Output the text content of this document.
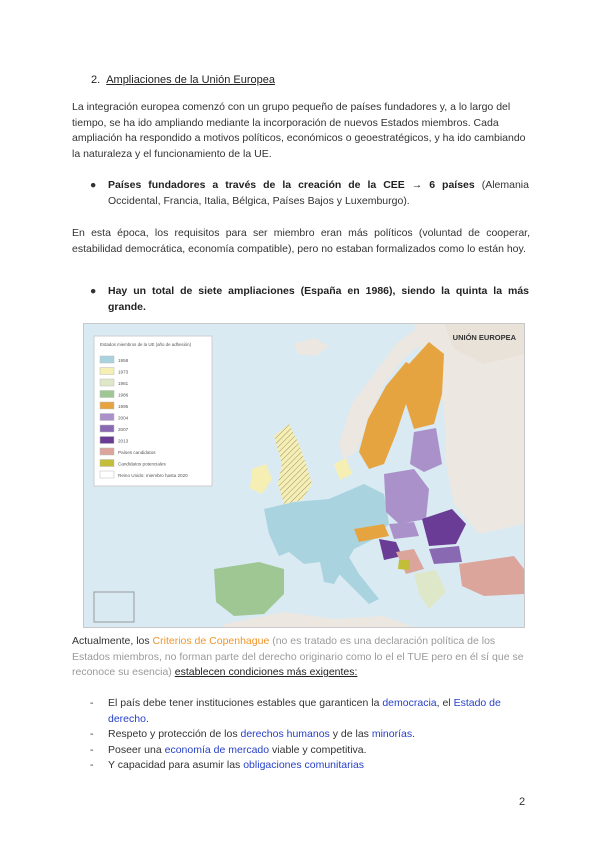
2. Ampliaciones de la Unión Europea
La integración europea comenzó con un grupo pequeño de países fundadores y, a lo largo del tiempo, se ha ido ampliando mediante la incorporación de nuevos Estados miembros. Cada ampliación ha respondido a motivos políticos, económicos o geoestratégicos, y ha ido cambiando la naturaleza y el funcionamiento de la UE.
●	Países fundadores a través de la creación de la CEE → 6 países (Alemania Occidental, Francia, Italia, Bélgica, Países Bajos y Luxemburgo).
En esta época, los requisitos para ser miembro eran más políticos (voluntad de cooperar, estabilidad democrática, economía compatible), pero no estaban formalizados como lo están hoy.
●	Hay un total de siete ampliaciones (España en 1986), siendo la quinta la más grande.
Estados miembros de la UE (año de adhesión)
1958
1973
1981
1986
1995
2004
2007
2013
Países candidatos
Candidatos potenciales
Reino Unido: miembro hasta 2020
UNIÓN EUROPEA
Actualmente, los Criterios de Copenhague (no es tratado es una declaración política de los Estados miembros, no forman parte del derecho originario como lo el el TUE pero en él sí que se reconoce su esencia) establecen condiciones más exigentes:
- El país debe tener instituciones estables que garanticen la democracia, el Estado de derecho.
- Respeto y protección de los derechos humanos y de las minorías.
- Poseer una economía de mercado viable y competitiva.
- Y capacidad para asumir las obligaciones comunitarias
2
